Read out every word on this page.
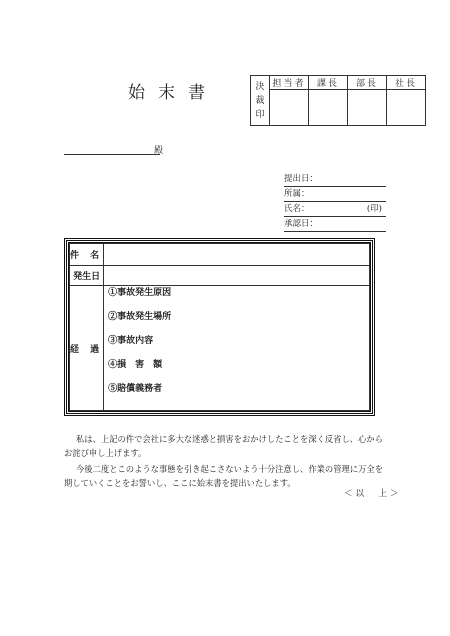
始末書	決
裁
印	担当者	課長	部長	社長

殿
提出日：
所属：
氏名：	(印)
承認日：
件 名	
発生日	
経 過	①事故発生原因
②事故発生場所
③事故内容
④損　害　額
⑤賠償義務者
私は、上記の件で会社に多大な迷惑と損害をおかけしたことを深く反省し、心からお詫び申し上げます。
今後二度とこのような事態を引き起こさないよう十分注意し、作業の管理に万全を期していくことをお誓いし、ここに始末書を提出いたします。
＜以　上＞
